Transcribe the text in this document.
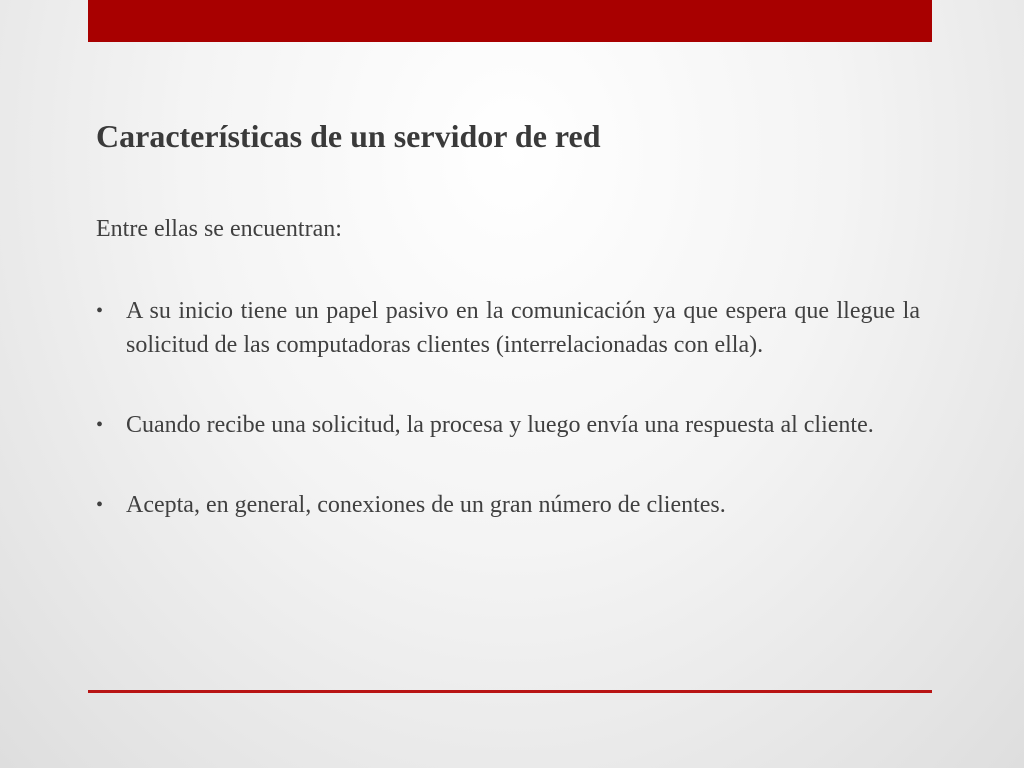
Características de un servidor de red

Entre ellas se encuentran:

• A su inicio tiene un papel pasivo en la comunicación ya que espera que llegue la solicitud de las computadoras clientes (interrelacionadas con ella).
• Cuando recibe una solicitud, la procesa y luego envía una respuesta al cliente.
• Acepta, en general, conexiones de un gran número de clientes.
